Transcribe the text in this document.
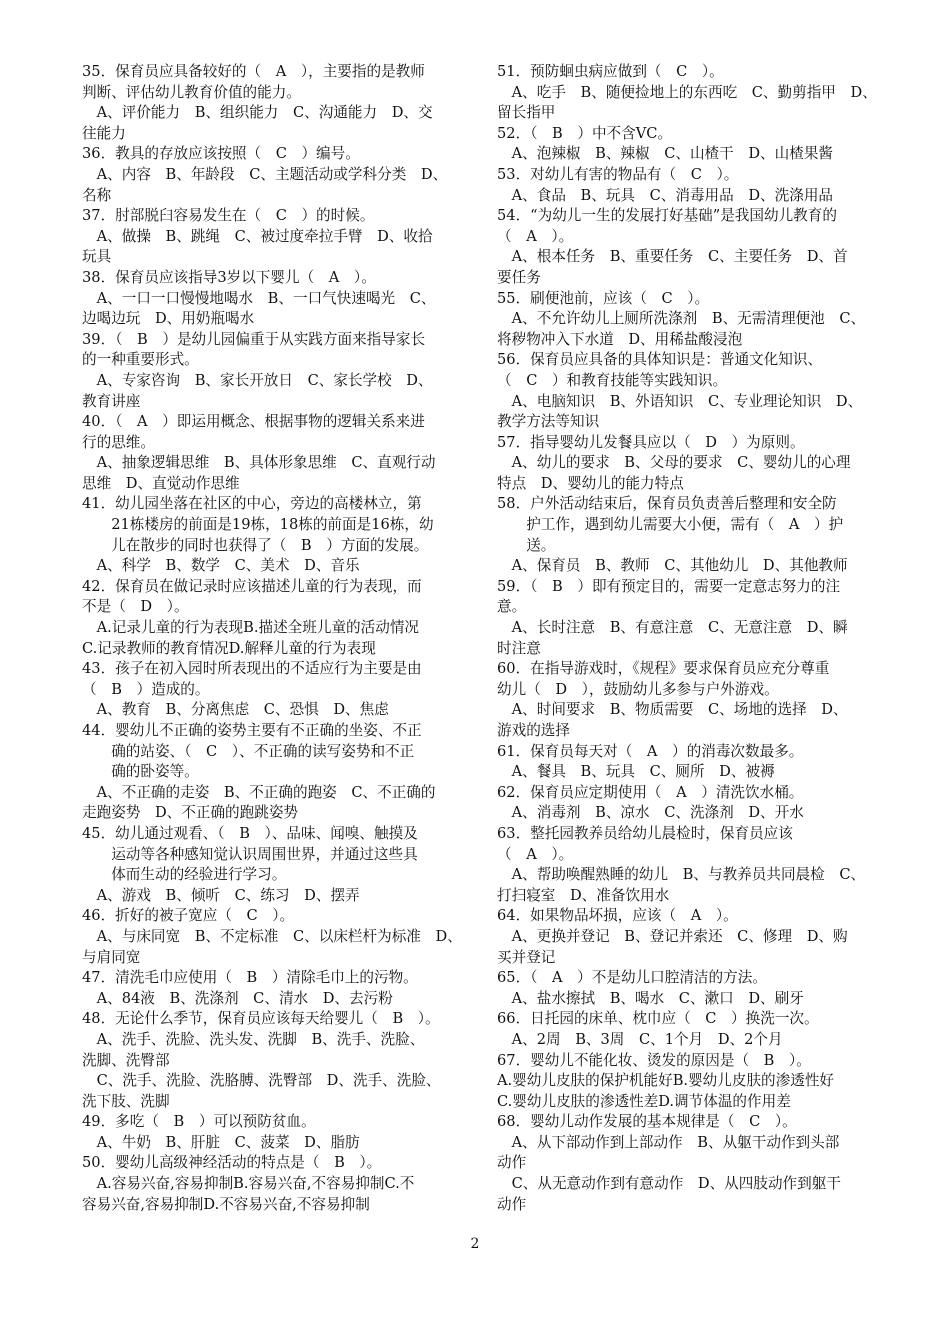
35．保育员应具备较好的（　A　），主要指的是教师
判断、评估幼儿教育价值的能力。
　A、评价能力　B、组织能力　C、沟通能力　D、交
往能力
36．教具的存放应该按照（　C　）编号。
　A、内容　B、年龄段　C、主题活动或学科分类　D、
名称
37．肘部脱臼容易发生在（　C　）的时候。
　A、做操　B、跳绳　C、被过度牵拉手臂　D、收拾
玩具
38．保育员应该指导3岁以下婴儿（　A　）。
　A、一口一口慢慢地喝水　B、一口气快速喝光　C、
边喝边玩　D、用奶瓶喝水
39．（　B　）是幼儿园偏重于从实践方面来指导家长
的一种重要形式。
　A、专家咨询　B、家长开放日　C、家长学校　D、
教育讲座
40．（　A　）即运用概念、根据事物的逻辑关系来进
行的思维。
　A、抽象逻辑思维　B、具体形象思维　C、直观行动
思维　D、直觉动作思维
41．幼儿园坐落在社区的中心，旁边的高楼林立，第
　　21栋楼房的前面是19栋，18栋的前面是16栋，幼
　　儿在散步的同时也获得了（　B　）方面的发展。
　A、科学　B、数学　C、美术　D、音乐
42．保育员在做记录时应该描述儿童的行为表现，而
不是（　D　）。
　A.记录儿童的行为表现B.描述全班儿童的活动情况
C.记录教师的教育情况D.解释儿童的行为表现
43．孩子在初入园时所表现出的不适应行为主要是由
（　B　）造成的。
　A、教育　B、分离焦虑　C、恐惧　D、焦虑
44．婴幼儿不正确的姿势主要有不正确的坐姿、不正
　　确的站姿、（　C　）、不正确的读写姿势和不正
　　确的卧姿等。
　A、不正确的走姿　B、不正确的跑姿　C、不正确的
走跑姿势　D、不正确的跑跳姿势
45．幼儿通过观看、（　B　）、品味、闻嗅、触摸及
　　运动等各种感知觉认识周围世界，并通过这些具
　　体而生动的经验进行学习。
　A、游戏　B、倾听　C、练习　D、摆弄
46．折好的被子宽应（　C　）。
　A、与床同宽　B、不定标准　C、以床栏杆为标准　D、
与肩同宽
47．清洗毛巾应使用（　B　）清除毛巾上的污物。
　A、84液　B、洗涤剂　C、清水　D、去污粉
48．无论什么季节，保育员应该每天给婴儿（　B　）。
　A、洗手、洗脸、洗头发、洗脚　B、洗手、洗脸、
洗脚、洗臀部
　C、洗手、洗脸、洗胳膊、洗臀部　D、洗手、洗脸、
洗下肢、洗脚
49．多吃（　B　）可以预防贫血。
　A、牛奶　B、肝脏　C、菠菜　D、脂肪
50．婴幼儿高级神经活动的特点是（　B　）。
　A.容易兴奋,容易抑制B.容易兴奋,不容易抑制C.不
容易兴奋,容易抑制D.不容易兴奋,不容易抑制
51．预防蛔虫病应做到（　C　）。
　A、吃手　B、随便捡地上的东西吃　C、勤剪指甲　D、
留长指甲
52．（　B　）中不含VC。
　A、泡辣椒　B、辣椒　C、山楂干　D、山楂果酱
53．对幼儿有害的物品有（　C　）。
　A、食品　B、玩具　C、消毒用品　D、洗涤用品
54．“为幼儿一生的发展打好基础”是我国幼儿教育的
（　A　）。
　A、根本任务　B、重要任务　C、主要任务　D、首
要任务
55．刷便池前，应该（　C　）。
　A、不允许幼儿上厕所洗涤剂　B、无需清理便池　C、
将秽物冲入下水道　D、用稀盐酸浸泡
56．保育员应具备的具体知识是：普通文化知识、
（　C　）和教育技能等实践知识。
　A、电脑知识　B、外语知识　C、专业理论知识　D、
教学方法等知识
57．指导婴幼儿发餐具应以（　D　）为原则。
　A、幼儿的要求　B、父母的要求　C、婴幼儿的心理
特点　D、婴幼儿的能力特点
58．户外活动结束后，保育员负责善后整理和安全防
　　护工作，遇到幼儿需要大小便，需有（　A　）护
　　送。
　A、保育员　B、教师　C、其他幼儿　D、其他教师
59．（　B　）即有预定目的，需要一定意志努力的注
意。
　A、长时注意　B、有意注意　C、无意注意　D、瞬
时注意
60．在指导游戏时，《规程》要求保育员应充分尊重
幼儿（　D　），鼓励幼儿多参与户外游戏。
　A、时间要求　B、物质需要　C、场地的选择　D、
游戏的选择
61．保育员每天对（　A　）的消毒次数最多。
　A、餐具　B、玩具　C、厕所　D、被褥
62．保育员应定期使用（　A　）清洗饮水桶。
　A、消毒剂　B、凉水　C、洗涤剂　D、开水
63．整托园教养员给幼儿晨检时，保育员应该
（　A　）。
　A、帮助唤醒熟睡的幼儿　B、与教养员共同晨检　C、
打扫寝室　D、准备饮用水
64．如果物品坏损，应该（　A　）。
　A、更换并登记　B、登记并索还　C、修理　D、购
买并登记
65．（　A　）不是幼儿口腔清洁的方法。
　A、盐水擦拭　B、喝水　C、漱口　D、刷牙
66．日托园的床单、枕巾应（　C　）换洗一次。
　A、2周　B、3周　C、1个月　D、2个月
67．婴幼儿不能化妆、烫发的原因是（　B　）。
A.婴幼儿皮肤的保护机能好B.婴幼儿皮肤的渗透性好
C.婴幼儿皮肤的渗透性差D.调节体温的作用差
68．婴幼儿动作发展的基本规律是（　C　）。
　A、从下部动作到上部动作　B、从躯干动作到头部
动作
　C、从无意动作到有意动作　D、从四肢动作到躯干
动作
2
